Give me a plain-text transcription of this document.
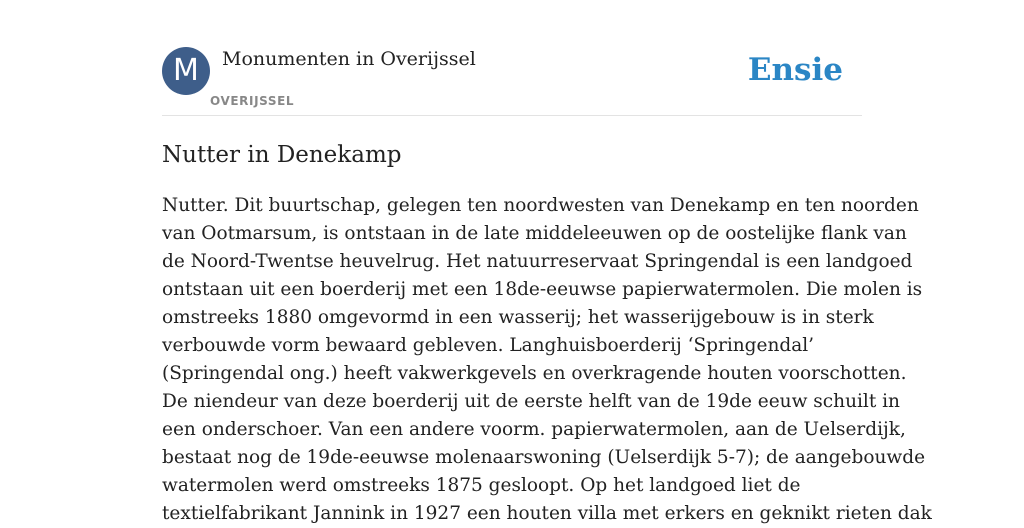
M	Monumenten in Overijssel
OVERIJSSEL
Ensie
Nutter in Denekamp
Nutter. Dit buurtschap, gelegen ten noordwesten van Denekamp en ten noorden
van Ootmarsum, is ontstaan in de late middeleeuwen op de oostelijke flank van
de Noord-Twentse heuvelrug. Het natuurreservaat Springendal is een landgoed
ontstaan uit een boerderij met een 18de-eeuwse papierwatermolen. Die molen is
omstreeks 1880 omgevormd in een wasserij; het wasserijgebouw is in sterk
verbouwde vorm bewaard gebleven. Langhuisboerderij ‘Springendal’
(Springendal ong.) heeft vakwerkgevels en overkragende houten voorschotten.
De niendeur van deze boerderij uit de eerste helft van de 19de eeuw schuilt in
een onderschoer. Van een andere voorm. papierwatermolen, aan de Uelserdijk,
bestaat nog de 19de-eeuwse molenaarswoning (Uelserdijk 5-7); de aangebouwde
watermolen werd omstreeks 1875 gesloopt. Op het landgoed liet de
textielfabrikant Jannink in 1927 een houten villa met erkers en geknikt rieten dak
